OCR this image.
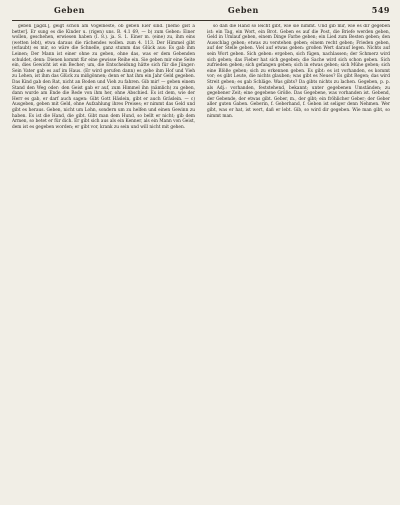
Geben	Geben	549

geben [jagdl.], geigt schon am Vogelneste, ob geben Eier sind. [nemo gist a better]. Er sung es die Kinder u. (rigen) uns. B. 4.1 69, — b) zum Geben: Einer wollen, geschehen, erwiesen haben (I. 8.). ja. S. 1. Einer m. (eine) zu, ihm eins (wetten lebt), etwa daraus die rächendes wollen. zum 4. 113. Der Himmel gibt (erlaubt) es mir, so wäre die Schnelle, ganz stumm das Glück aus: Es gab ihm Leinen; Der Mann ist einer ohne zu geben, ohne das, was er dem Gebenden schuldet, denn: Dienen kommt für eine gewisse Reihe ein. Sie geben mir eine Seite ein, dies Gewicht ist ein Becher; um, die Entscheidung hätte sich für die Jünger: Sein Vater gab es auf im Haus. (Er wird gerufen dann) es gebe ihm Hof und Vieh zu Lehen, ist ihm das Glück zu mißgönnen; denn er hat ihm ein Jahr Geld gegeben. Das Kind gab den Rat, nicht an Boden und Vieh zu fahren. Gib mir! — geben einem Stand den Weg oder: den Geist gab er auf, zum Himmel ihn (nämlich) zu geben, dann wurde am Ende die Rede von ihm her, ohne Abschied. Es ist dem, wie der Herr es gab, er darf auch sagen: Gibt Gott Häslein, gibt er auch Gräslein. — c) Ausgeben, geben mit Geld, ohne Aufzahlung ihres Preises; er nimmt das Geld und gibt es heraus. Geben, nicht um Lohn, sondern um zu helfen und einen Gewinn zu haben. Es ist die Hand, die gibt. Gibt man dem Hund, so bellt er nicht; gib dem Armen, so betet er für dich. Er gibt sich aus als ein Kenner, als ein Mann von Geist, dem ist es gegeben worden; er gibt vor, krank zu sein und will nicht mit gehen.

so daß die Hand so leicht gibt, wie sie nimmt. Und gib mir, wie es dir gegeben ist: ein Tag, ein Wort, ein Brot. Geben es auf die Post, die Briefe werden geben, Geld in Umlauf geben, einem Dinge Farbe geben; ein Lied zum Besten geben; den Ausschlag geben; etwas zu verstehen geben; einem recht geben; Frieden geben, auf der Stelle geben. Viel auf etwas geben: großen Wert darauf legen. Nichts auf sein Wort geben. Sich geben: ergeben, sich fügen, nachlassen; der Schmerz wird sich geben; das Fieber hat sich gegeben; die Sache wird sich schon geben. Sich zufrieden geben; sich gefangen geben; sich in etwas geben; sich Mühe geben; sich eine Blöße geben; sich zu erkennen geben. Es gibt: es ist vorhanden, es kommt vor; es gibt Leute, die nichts glauben; was gibt es Neues? Es gibt Regen; das wird Streit geben; es gab Schläge. Was gibts? Da gibts nichts zu lachen. Gegeben, p. p. als Adj.: vorhanden, feststehend, bekannt; unter gegebenen Umständen; zu gegebener Zeit; eine gegebene Größe. Das Gegebene, was vorhanden ist. Gebend, der Gebende, der etwas gibt. Geber, m., der gibt; ein fröhlicher Geber; der Geber aller guten Gaben. Geberin, f. Geberhand, f. Geben ist seliger denn Nehmen. Wer gibt, was er hat, ist wert, daß er lebt. Gib, so wird dir gegeben. Wie man gibt, so nimmt man.
